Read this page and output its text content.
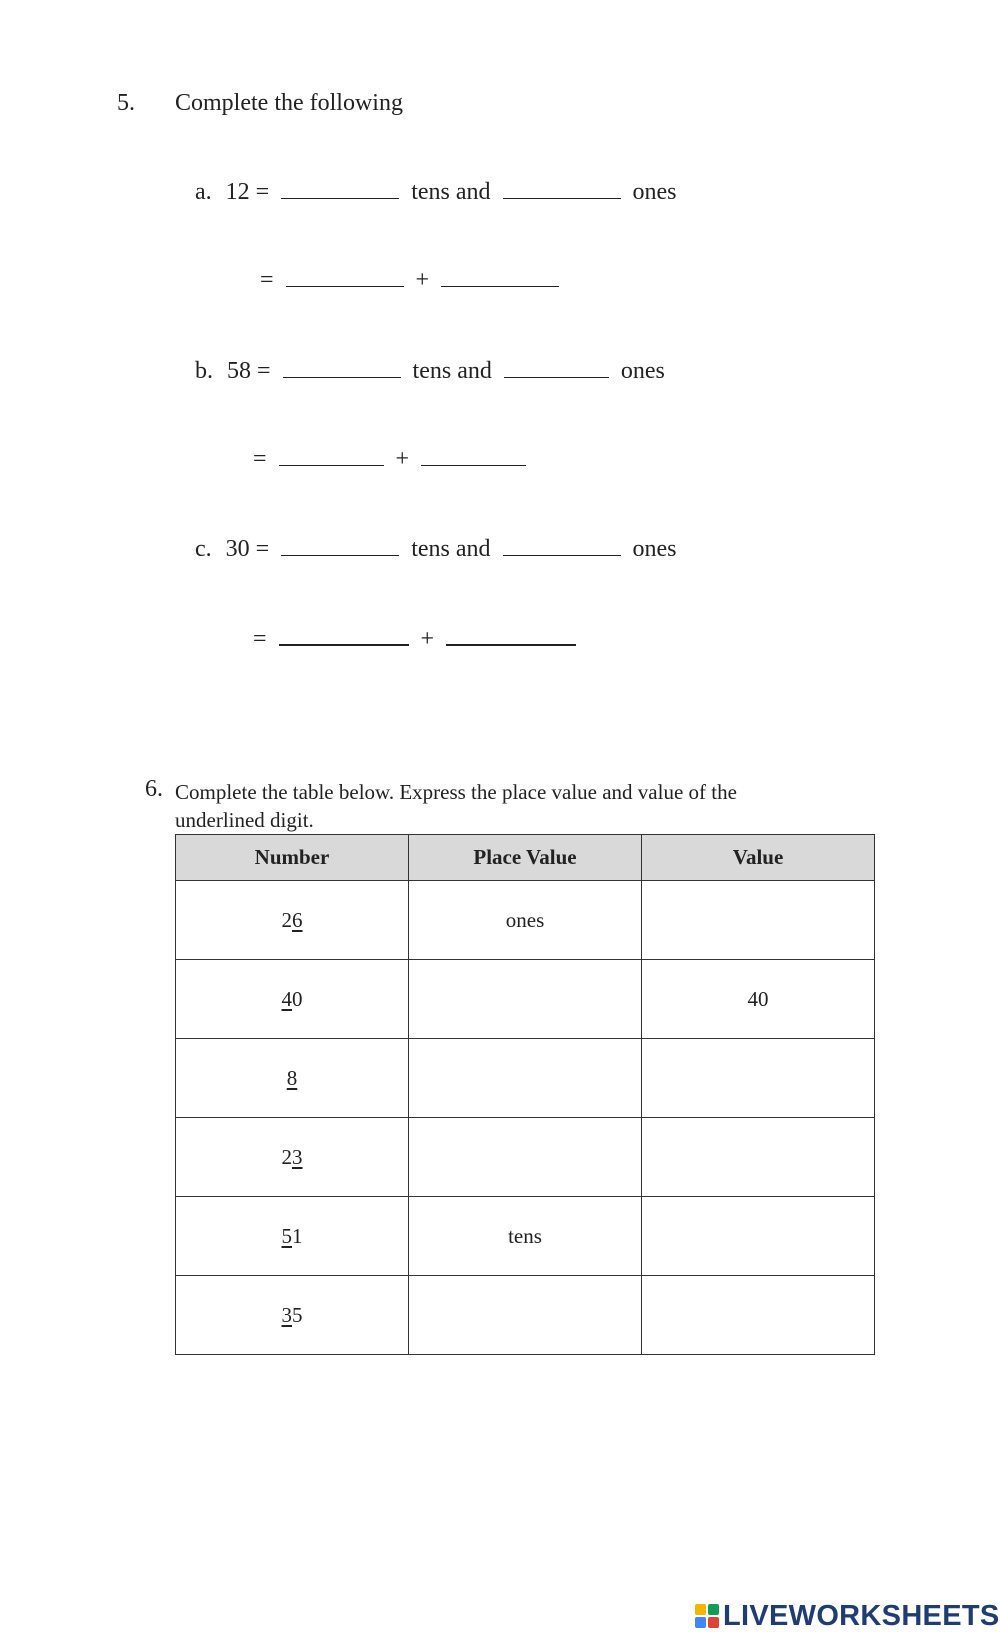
5. Complete the following
a. 12 =	tens and	ones
=	+
b. 58 =	tens and	ones
=	+
c. 30 =	tens and	ones
=	+
6. Complete the table below. Express the place value and value of the underlined digit.
Number	Place Value	Value
26	ones	
40		40
8		
23		
51	tens	
35		
LIVEWORKSHEETS
